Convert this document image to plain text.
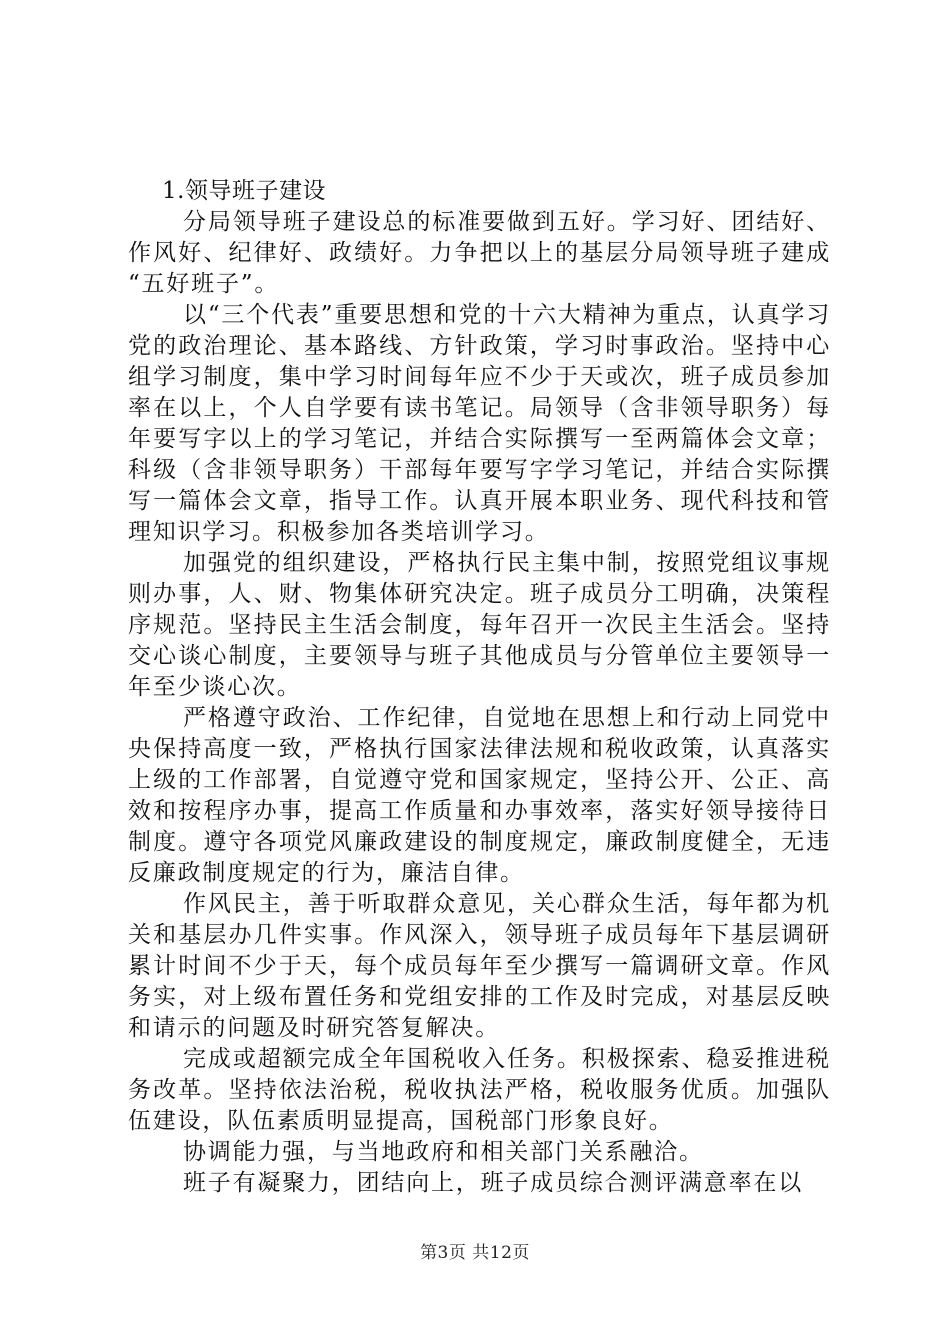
1.领导班子建设

分局领导班子建设总的标准要做到五好。学习好、团结好、作风好、纪律好、政绩好。力争把以上的基层分局领导班子建成“五好班子”。

以“三个代表”重要思想和党的十六大精神为重点，认真学习党的政治理论、基本路线、方针政策，学习时事政治。坚持中心组学习制度，集中学习时间每年应不少于天或次，班子成员参加率在以上，个人自学要有读书笔记。局领导（含非领导职务）每年要写字以上的学习笔记，并结合实际撰写一至两篇体会文章；科级（含非领导职务）干部每年要写字学习笔记，并结合实际撰写一篇体会文章，指导工作。认真开展本职业务、现代科技和管理知识学习。积极参加各类培训学习。

加强党的组织建设，严格执行民主集中制，按照党组议事规则办事，人、财、物集体研究决定。班子成员分工明确，决策程序规范。坚持民主生活会制度，每年召开一次民主生活会。坚持交心谈心制度，主要领导与班子其他成员与分管单位主要领导一年至少谈心次。

严格遵守政治、工作纪律，自觉地在思想上和行动上同党中央保持高度一致，严格执行国家法律法规和税收政策，认真落实上级的工作部署，自觉遵守党和国家规定，坚持公开、公正、高效和按程序办事，提高工作质量和办事效率，落实好领导接待日制度。遵守各项党风廉政建设的制度规定，廉政制度健全，无违反廉政制度规定的行为，廉洁自律。

作风民主，善于听取群众意见，关心群众生活，每年都为机关和基层办几件实事。作风深入，领导班子成员每年下基层调研累计时间不少于天，每个成员每年至少撰写一篇调研文章。作风务实，对上级布置任务和党组安排的工作及时完成，对基层反映和请示的问题及时研究答复解决。

完成或超额完成全年国税收入任务。积极探索、稳妥推进税务改革。坚持依法治税，税收执法严格，税收服务优质。加强队伍建设，队伍素质明显提高，国税部门形象良好。

协调能力强，与当地政府和相关部门关系融洽。

班子有凝聚力，团结向上，班子成员综合测评满意率在以

第3页 共12页
